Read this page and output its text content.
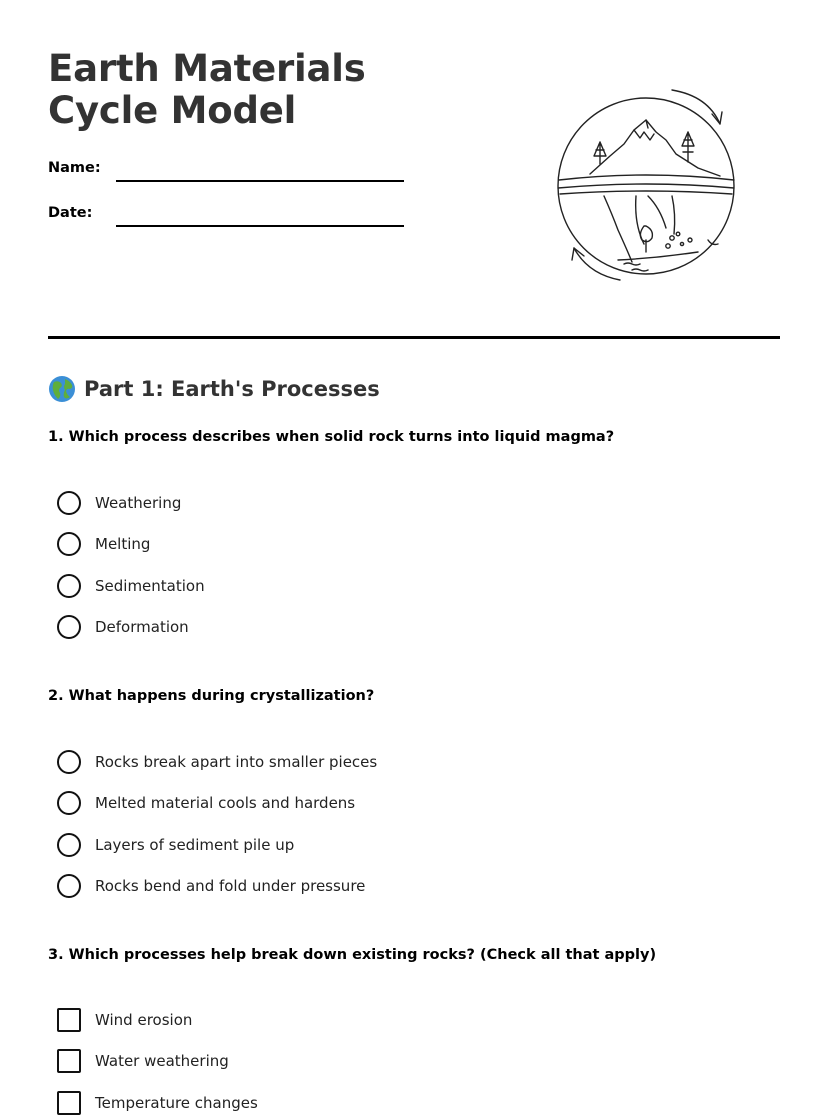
Earth Materials Cycle Model
Name:
Date:
Part 1: Earth's Processes
1. Which process describes when solid rock turns into liquid magma?
Weathering
Melting
Sedimentation
Deformation
2. What happens during crystallization?
Rocks break apart into smaller pieces
Melted material cools and hardens
Layers of sediment pile up
Rocks bend and fold under pressure
3. Which processes help break down existing rocks? (Check all that apply)
Wind erosion
Water weathering
Temperature changes
